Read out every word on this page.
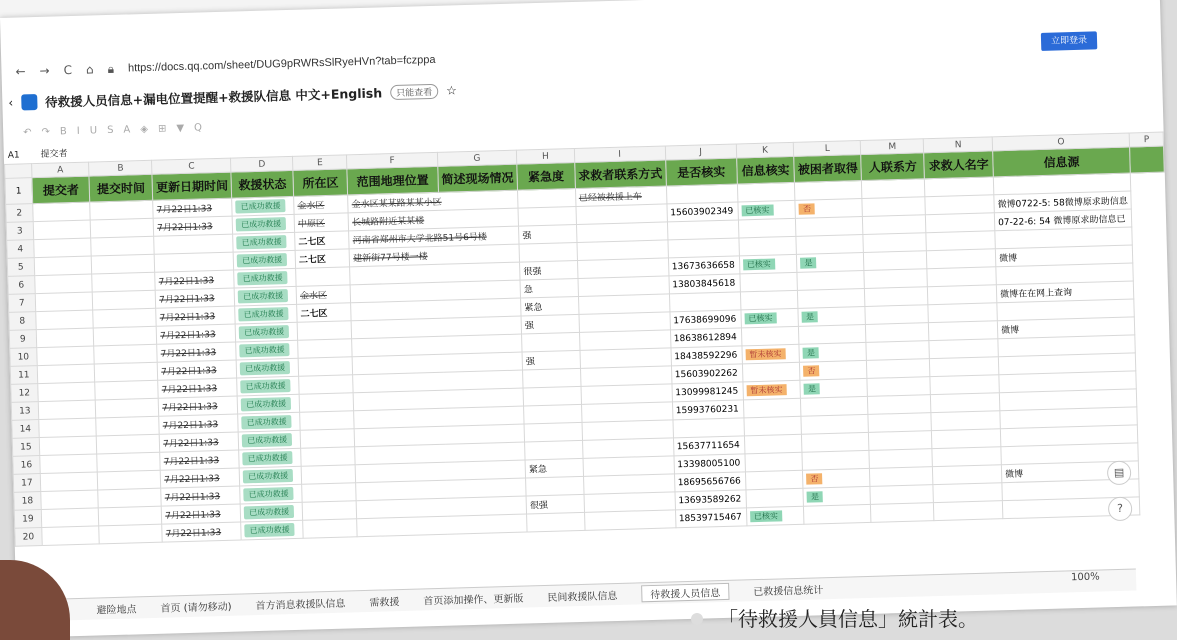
← → C ⌂ 🔒︎ https://docs.qq.com/sheet/DUG9pRWRsSlRyeHVn?tab=fczppa
立即登录
‹	待救援人员信息+漏电位置提醒+救援队信息 中文+English	只能查看	☆
↶ ↷ B I U S A ◈ ⊞ ▼ Q
A1 提交者
	A	B	C	D	E	F	G	H	I	J	K	L	M	N	O	P
1	提交者	提交时间	更新日期时间	救援状态	所在区	范围地理位置	简述现场情况	紧急度	求救者联系方式	是否核实	信息核实	被困者取得	人联系方	求救人名字	信息源	
2			7月22日1:33	已成功救援	金水区	金水区某某路某某小区			已经被救援上车							
3			7月22日1:33	已成功救援	中原区	长城路附近某某楼				15603902349	已核实	否			微博0722-5: 58微博原求助信息	
4				已成功救援	二七区	河南省郑州市大学北路51号6号楼		强							07-22-6: 54 微博原求助信息已	
5				已成功救援	二七区	建新街77号楼一楼										
6			7月22日1:33	已成功救援				很强		13673636658	已核实	是			微博	
7			7月22日1:33	已成功救援	金水区			急		13803845618						
8			7月22日1:33	已成功救援	二七区			紧急							微博在在网上查询	
9			7月22日1:33	已成功救援				强		17638699096	已核实	是				
10			7月22日1:33	已成功救援						18638612894					微博	
11			7月22日1:33	已成功救援				强		18438592296	暂未核实	是				
12			7月22日1:33	已成功救援						15603902262		否				
13			7月22日1:33	已成功救援						13099981245	暂未核实	是				
14			7月22日1:33	已成功救援						15993760231						
15			7月22日1:33	已成功救援												
16			7月22日1:33	已成功救援						15637711654						
17			7月22日1:33	已成功救援				紧急		13398005100						
18			7月22日1:33	已成功救援						18695656766		否			微博	
19			7月22日1:33	已成功救援				很强		13693589262		是				
20			7月22日1:33	已成功救援						18539715467	已核实					
▤
?
避险地点 首页 (请勿移动) 首方消息救援队信息 需救援 首页添加操作、更新版 民间救援队信息	待救援人员信息	已救援信息统计
100%
「待救援人員信息」統計表。
